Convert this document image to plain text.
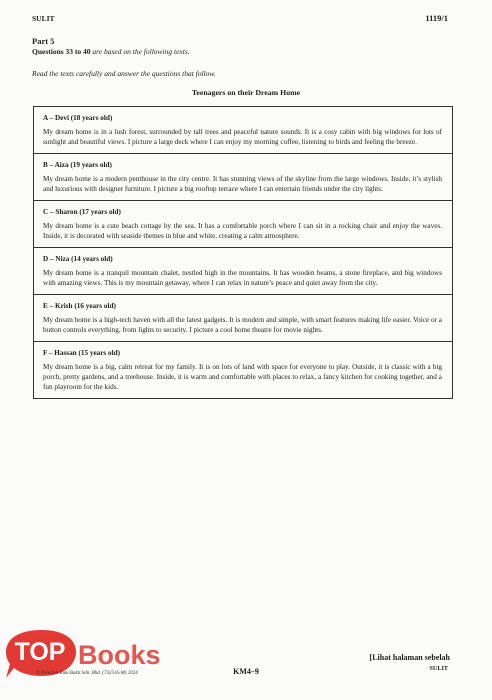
SULIT	1119/1
Part 5
Questions 33 to 40 are based on the following texts.
Read the texts carefully and answer the questions that follow.
Teenagers on their Dream Home
A – Devi (18 years old)

My dream home is in a lush forest, surrounded by tall trees and peaceful nature sounds. It is a cosy cabin with big windows for lots of sunlight and beautiful views. I picture a large deck where I can enjoy my morning coffee, listening to birds and feeling the breeze.

B – Aiza (19 years old)

My dream home is a modern penthouse in the city centre. It has stunning views of the skyline from the large windows. Inside, it’s stylish and luxurious with designer furniture. I picture a big rooftop terrace where I can entertain friends under the city lights.

C – Sharon (17 years old)

My dream home is a cute beach cottage by the sea. It has a comfortable porch where I can sit in a rocking chair and enjoy the waves. Inside, it is decorated with seaside themes in blue and white, creating a calm atmosphere.

D – Niza (14 years old)

My dream home is a tranquil mountain chalet, nestled high in the mountains. It has wooden beams, a stone fireplace, and big windows with amazing views. This is my mountain getaway, where I can relax in nature’s peace and quiet away from the city.

E – Krish (16 years old)

My dream home is a high-tech haven with all the latest gadgets. It is modern and simple, with smart features making life easier. Voice or a button controls everything, from lights to security. I picture a cool home theatre for movie nights.

F – Hassan (15 years old)

My dream home is a big, calm retreat for my family. It is on lots of land with space for everyone to play. Outside, it is classic with a big porch, pretty gardens, and a treehouse. Inside, it is warm and comfortable with places to relax, a fancy kitchen for cooking together, and a fun playroom for the kids.

TOP Books
© Penerbit Ilmu Bakti Sdn. Bhd. (732516-M) 2024	KM4–9
[Lihat halaman sebelah
SULIT
